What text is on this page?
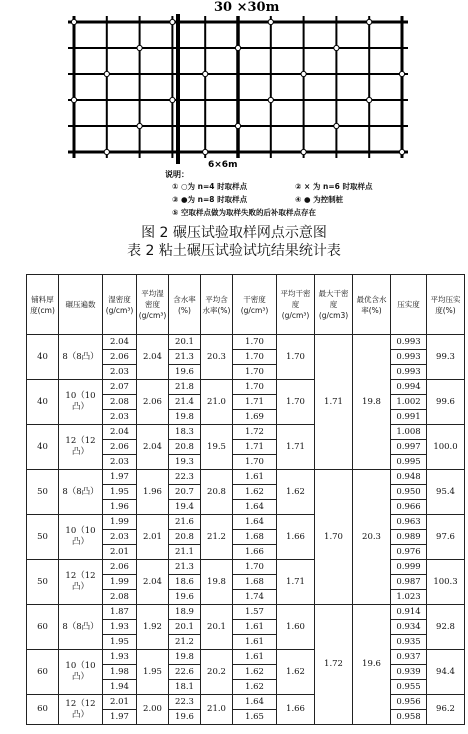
30 ×30m
6×6m
说明：
① ○为 n=4 时取样点	② × 为 n=6 时取样点
③ ●为 n=8 时取样点	④ ● 为控制桩
⑤ 空取样点做为取样失败的后补取样点存在
图 2 碾压试验取样网点示意图
表 2 粘土碾压试验试坑结果统计表
铺料厚度(cm)	碾压遍数	湿密度(g/cm³)	平均湿密度(g/cm³)	含水率(%)	平均含水率(%)	干密度(g/cm³)	平均干密度(g/cm³)	最大干密度(g/cm3)	最优含水率(%)	压实度	平均压实度(%)
40	8（8凸）	2.04	2.04	20.1	20.3	1.70	1.70	1.71	19.8	0.993	99.3
		2.06		21.3		1.70				0.993	
		2.03		19.6		1.70				0.993	
40	10（10凸）	2.07	2.06	21.8	21.0	1.70	1.70			0.994	99.6
		2.08		21.4		1.71				1.002	
		2.03		19.8		1.69				0.991	
40	12（12凸）	2.04	2.04	18.3	19.5	1.72	1.71			1.008	100.0
		2.06		20.8		1.71				0.997	
		2.03		19.3		1.70				0.995	
50	8（8凸）	1.97	1.96	22.3	20.8	1.61	1.62	1.70	20.3	0.948	95.4
		1.95		20.7		1.62				0.950	
		1.96		19.4		1.64				0.966	
50	10（10凸）	1.99	2.01	21.6	21.2	1.64	1.66			0.963	97.6
		2.03		20.8		1.68				0.989	
		2.01		21.1		1.66				0.976	
50	12（12凸）	2.06	2.04	21.3	19.8	1.70	1.71			0.999	100.3
		1.99		18.6		1.68				0.987	
		2.08		19.6		1.74				1.023	
60	8（8凸）	1.87	1.92	18.9	20.1	1.57	1.60	1.72	19.6	0.914	92.8
		1.93		20.1		1.61				0.934	
		1.95		21.2		1.61				0.935	
60	10（10凸）	1.93	1.95	19.8	20.2	1.61	1.62			0.937	94.4
		1.98		22.6		1.62				0.939	
		1.94		18.1		1.62				0.955	
60	12（12凸）	2.01	2.00	22.3	21.0	1.64	1.66			0.956	96.2
		1.97		19.6		1.65				0.958	
